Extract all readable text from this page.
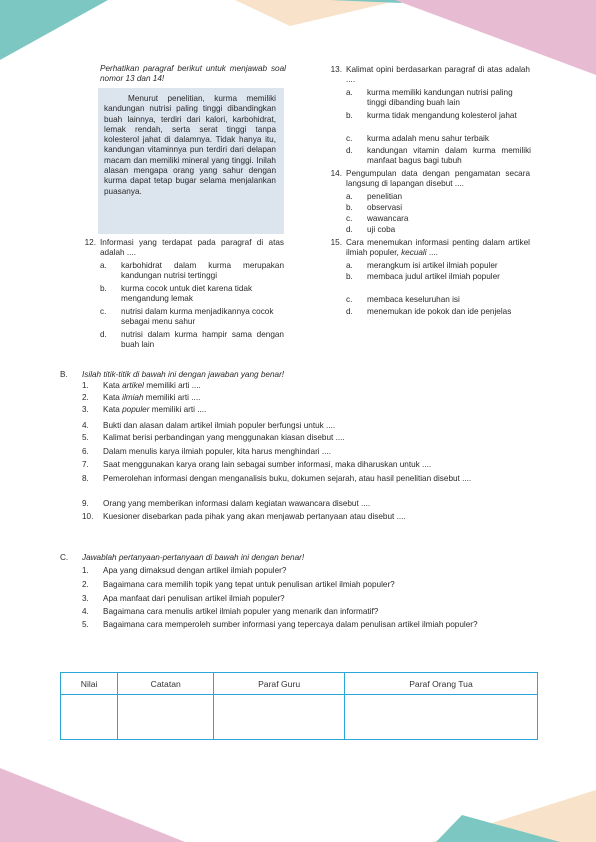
Perhatikan paragraf berikut untuk menjawab soal nomor 13 dan 14!
Menurut penelitian, kurma memiliki kandungan nutrisi paling tinggi dibandingkan buah lainnya, terdiri dari kalori, karbohidrat, lemak rendah, serta serat tinggi tanpa kolesterol jahat di dalamnya. Tidak hanya itu, kandungan vitaminnya pun terdiri dari delapan macam dan memiliki mineral yang tinggi. Inilah alasan mengapa orang yang sahur dengan kurma dapat tetap bugar selama menjalankan puasanya.
12. Informasi yang terdapat pada paragraf di atas adalah ....
a. karbohidrat dalam kurma merupakan kandungan nutrisi tertinggi
b. kurma cocok untuk diet karena tidak mengandung lemak
c. nutrisi dalam kurma menjadikannya cocok sebagai menu sahur
d. nutrisi dalam kurma hampir sama dengan buah lain
13. Kalimat opini berdasarkan paragraf di atas adalah ....
a. kurma memiliki kandungan nutrisi paling tinggi dibanding buah lain
b. kurma tidak mengandung kolesterol jahat
c. kurma adalah menu sahur terbaik
d. kandungan vitamin dalam kurma memiliki manfaat bagus bagi tubuh
14. Pengumpulan data dengan pengamatan secara langsung di lapangan disebut ....
a. penelitian
b. observasi
c. wawancara
d. uji coba
15. Cara menemukan informasi penting dalam artikel ilmiah populer, kecuali ....
a. merangkum isi artikel ilmiah populer
b. membaca judul artikel ilmiah populer
c. membaca keseluruhan isi
d. menemukan ide pokok dan ide penjelas
B. Isilah titik-titik di bawah ini dengan jawaban yang benar!
1. Kata artikel memiliki arti ....
2. Kata ilmiah memiliki arti ....
3. Kata populer memiliki arti ....
4. Bukti dan alasan dalam artikel ilmiah populer berfungsi untuk ....
5. Kalimat berisi perbandingan yang menggunakan kiasan disebut ....
6. Dalam menulis karya ilmiah populer, kita harus menghindari ....
7. Saat menggunakan karya orang lain sebagai sumber informasi, maka diharuskan untuk ....
8. Pemerolehan informasi dengan menganalisis buku, dokumen sejarah, atau hasil penelitian disebut ....
9. Orang yang memberikan informasi dalam kegiatan wawancara disebut ....
10. Kuesioner disebarkan pada pihak yang akan menjawab pertanyaan atau disebut ....
C. Jawablah pertanyaan-pertanyaan di bawah ini dengan benar!
1. Apa yang dimaksud dengan artikel ilmiah populer?
2. Bagaimana cara memilih topik yang tepat untuk penulisan artikel ilmiah populer?
3. Apa manfaat dari penulisan artikel ilmiah populer?
4. Bagaimana cara menulis artikel ilmiah populer yang menarik dan informatif?
5. Bagaimana cara memperoleh sumber informasi yang tepercaya dalam penulisan artikel ilmiah populer?
Nilai	Catatan	Paraf Guru	Paraf Orang Tua
